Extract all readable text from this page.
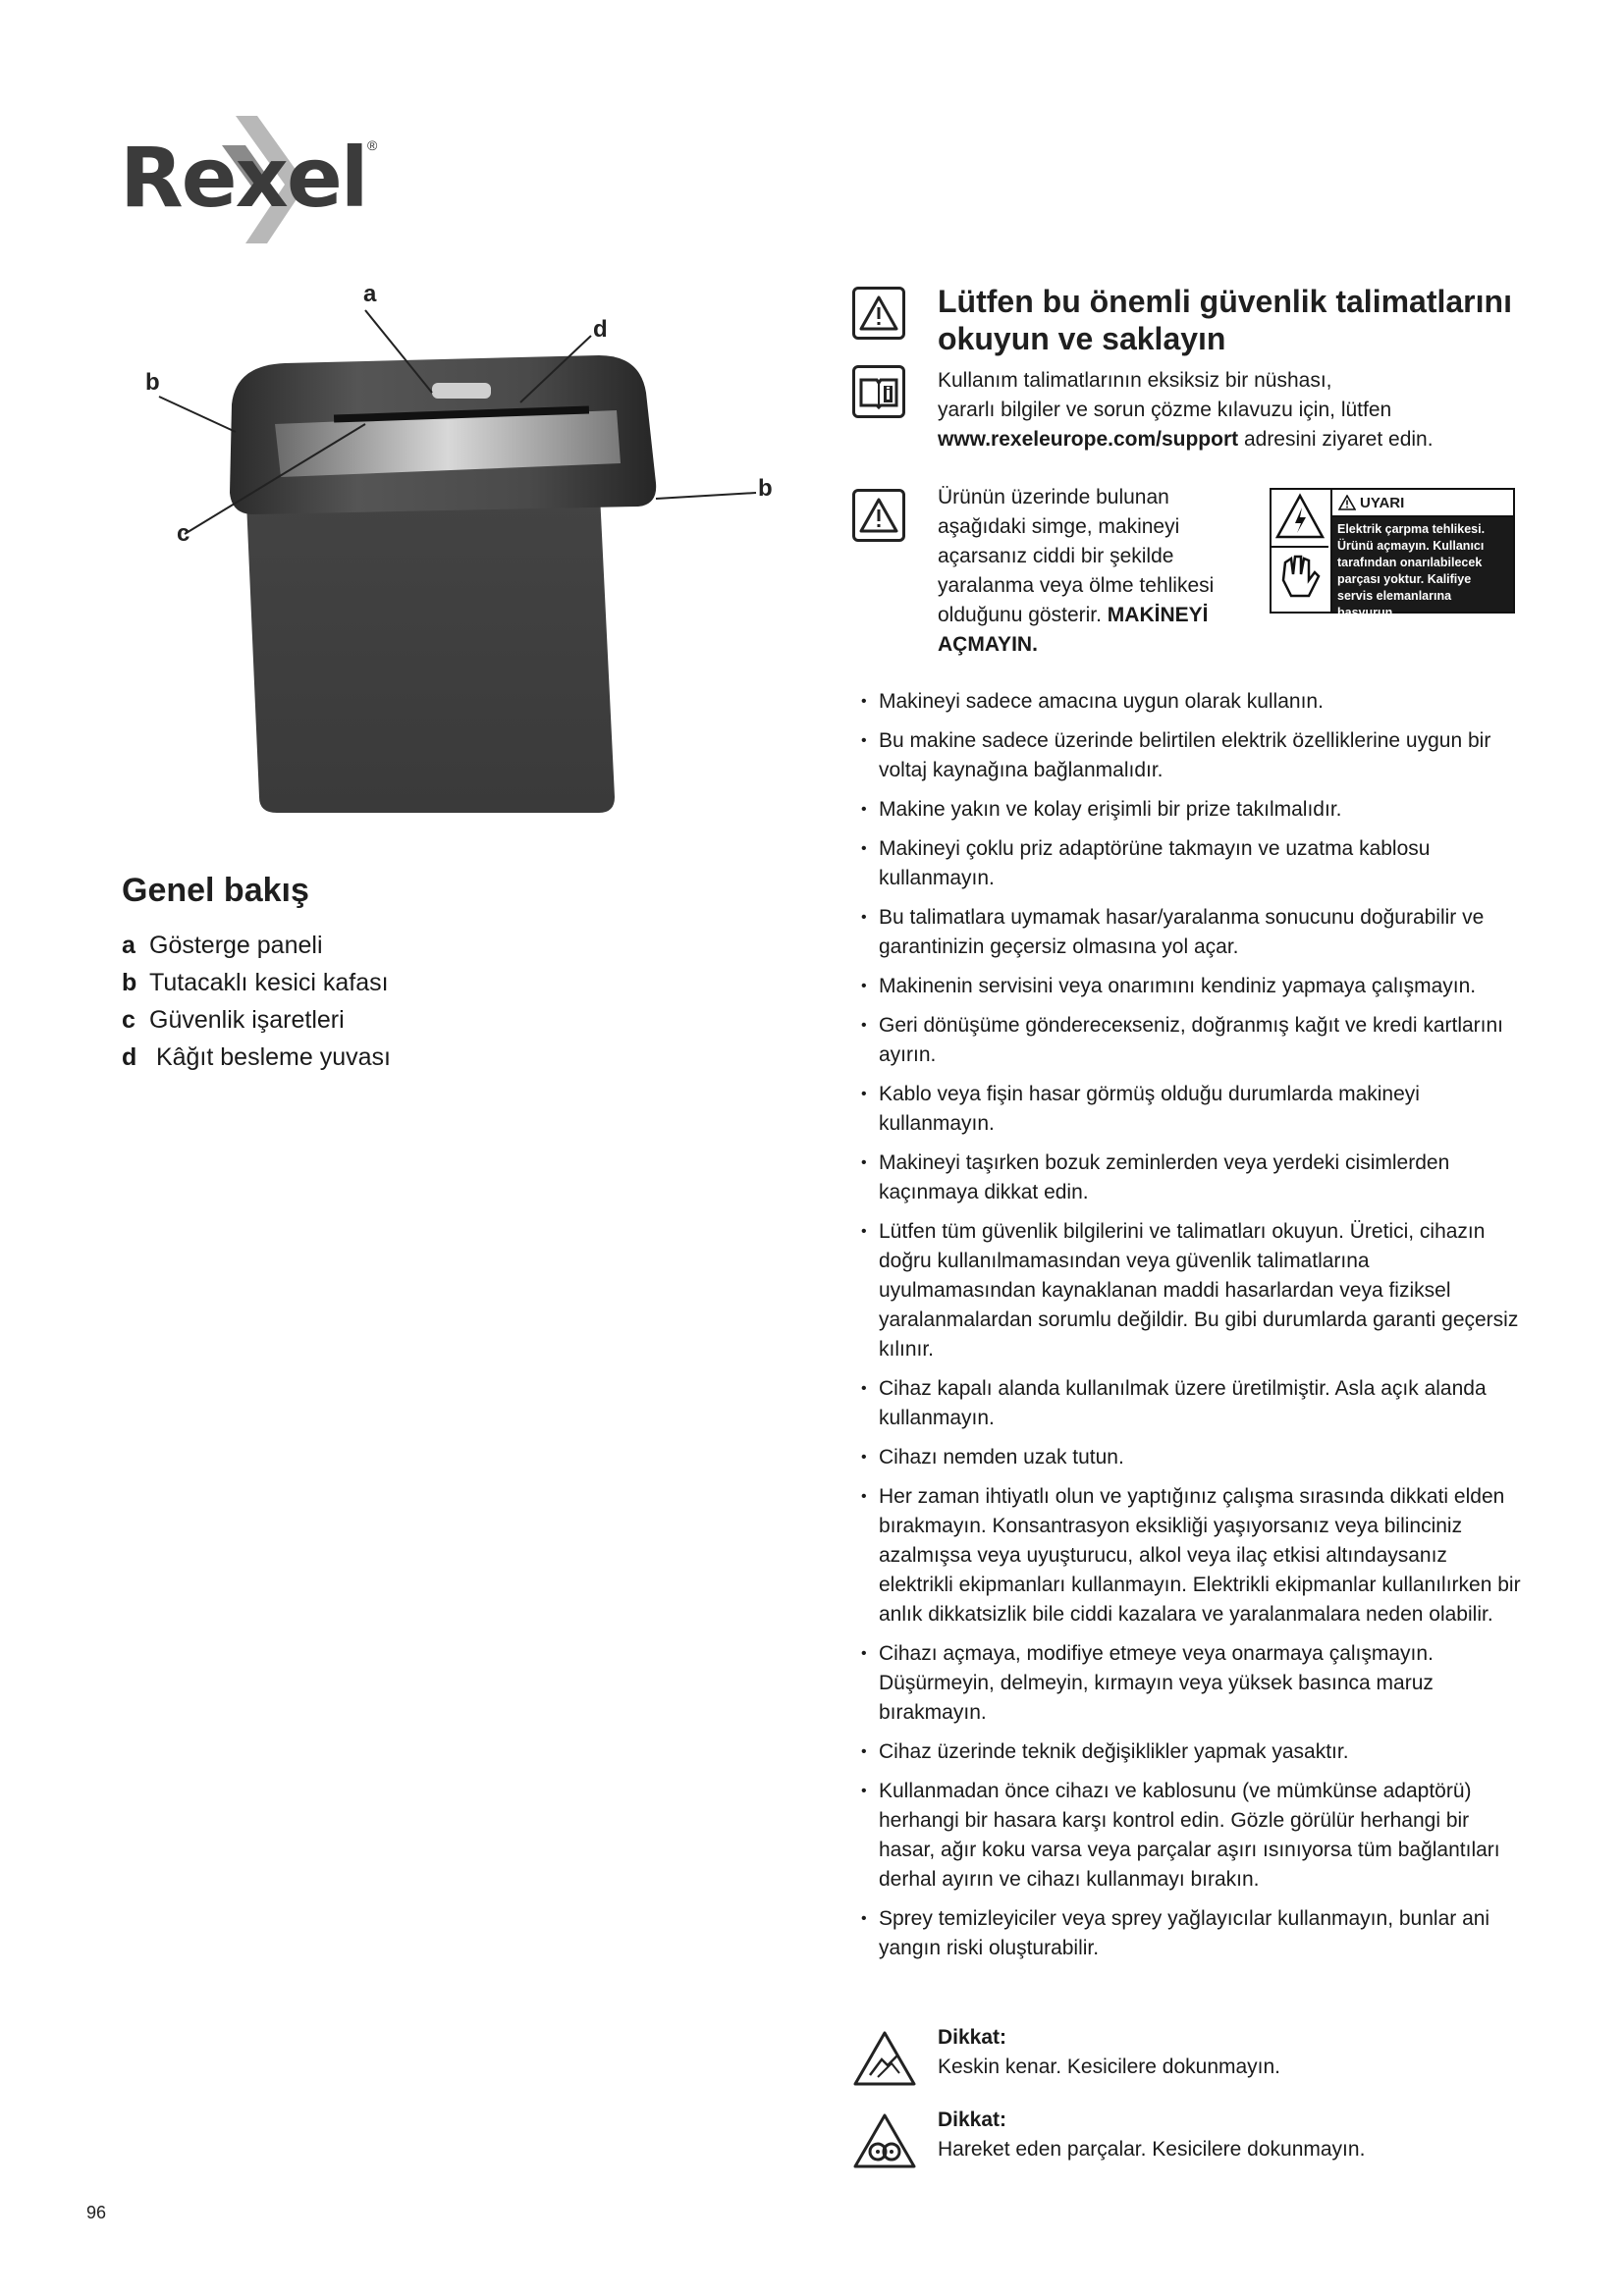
Rexel ®
a
d
b
b
c
Genel bakış
a Gösterge paneli
b Tutacaklı kesici kafası
c Güvenlik işaretleri
d Kâğıt besleme yuvası
Lütfen bu önemli güvenlik talimatlarını okuyun ve saklayın
Kullanım talimatlarının eksiksiz bir nüshası,
yararlı bilgiler ve sorun çözme kılavuzu için, lütfen
www.rexeleurope.com/support adresini ziyaret edin.
Ürünün üzerinde bulunan aşağıdaki simge, makineyi açarsanız ciddi bir şekilde yaralanma veya ölme tehlikesi olduğunu gösterir. MAKİNEYİ AÇMAYIN.
UYARI
Elektrik çarpma tehlikesi. Ürünü açmayın. Kullanıcı tarafından onarılabilecek parçası yoktur. Kalifiye servis elemanlarına başvurun.
• Makineyi sadece amacına uygun olarak kullanın.
• Bu makine sadece üzerinde belirtilen elektrik özelliklerine uygun bir voltaj kaynağına bağlanmalıdır.
• Makine yakın ve kolay erişimli bir prize takılmalıdır.
• Makineyi çoklu priz adaptörüne takmayın ve uzatma kablosu kullanmayın.
• Bu talimatlara uymamak hasar/yaralanma sonucunu doğurabilir ve garantinizin geçersiz olmasına yol açar.
• Makinenin servisini veya onarımını kendiniz yapmaya çalışmayın.
• Geri dönüşüme göndereceкseniz, doğranmış kağıt ve kredi kartlarını ayırın.
• Kablo veya fişin hasar görmüş olduğu durumlarda makineyi kullanmayın.
• Makineyi taşırken bozuk zeminlerden veya yerdeki cisimlerden kaçınmaya dikkat edin.
• Lütfen tüm güvenlik bilgilerini ve talimatları okuyun. Üretici, cihazın doğru kullanılmamasından veya güvenlik talimatlarına uyulmamasından kaynaklanan maddi hasarlardan veya fiziksel yaralanmalardan sorumlu değildir. Bu gibi durumlarda garanti geçersiz kılınır.
• Cihaz kapalı alanda kullanılmak üzere üretilmiştir. Asla açık alanda kullanmayın.
• Cihazı nemden uzak tutun.
• Her zaman ihtiyatlı olun ve yaptığınız çalışma sırasında dikkati elden bırakmayın. Konsantrasyon eksikliği yaşıyorsanız veya bilinciniz azalmışsa veya uyuşturucu, alkol veya ilaç etkisi altındaysanız elektrikli ekipmanları kullanmayın. Elektrikli ekipmanlar kullanılırken bir anlık dikkatsizlik bile ciddi kazalara ve yaralanmalara neden olabilir.
• Cihazı açmaya, modifiye etmeye veya onarmaya çalışmayın. Düşürmeyin, delmeyin, kırmayın veya yüksek basınca maruz bırakmayın.
• Cihaz üzerinde teknik değişiklikler yapmak yasaktır.
• Kullanmadan önce cihazı ve kablosunu (ve mümkünse adaptörü) herhangi bir hasara karşı kontrol edin. Gözle görülür herhangi bir hasar, ağır koku varsa veya parçalar aşırı ısınıyorsa tüm bağlantıları derhal ayırın ve cihazı kullanmayı bırakın.
• Sprey temizleyiciler veya sprey yağlayıcılar kullanmayın, bunlar ani yangın riski oluşturabilir.
Dikkat:
Keskin kenar. Kesicilere dokunmayın.
Dikkat:
Hareket eden parçalar. Kesicilere dokunmayın.
96
